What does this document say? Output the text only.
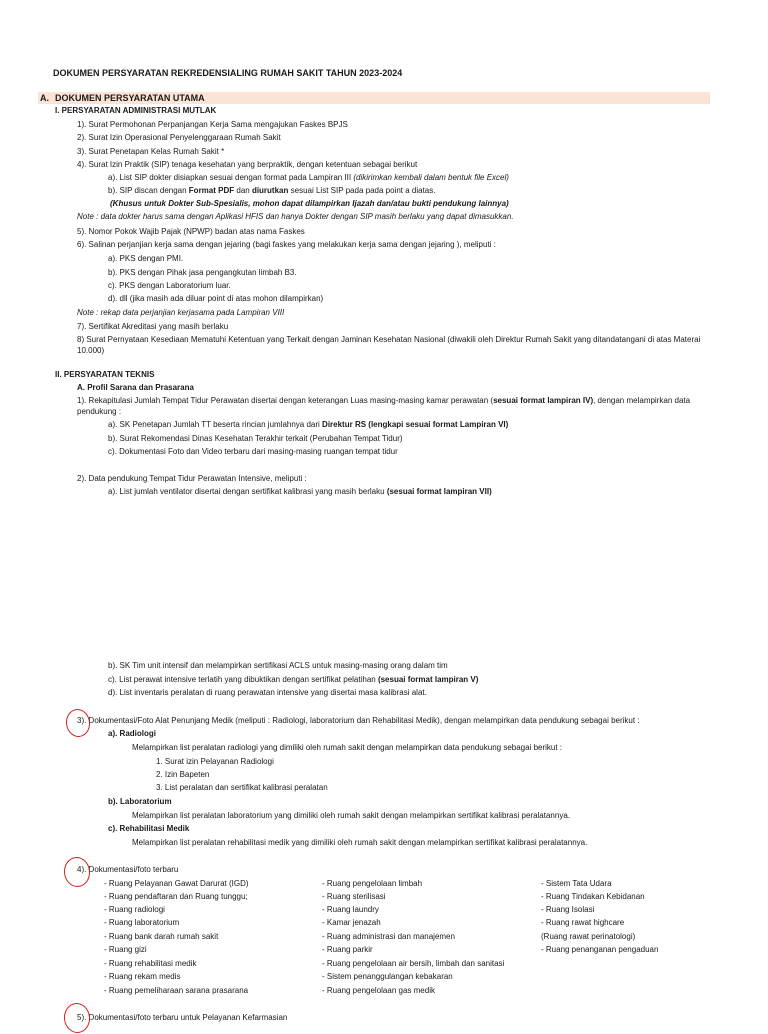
DOKUMEN PERSYARATAN REKREDENSIALING RUMAH SAKIT TAHUN 2023-2024
A. DOKUMEN PERSYARATAN UTAMA
I. PERSYARATAN ADMINISTRASI MUTLAK
1). Surat Permohonan Perpanjangan Kerja Sama mengajukan Faskes BPJS
2). Surat Izin Operasional Penyelenggaraan Rumah Sakit
3). Surat Penetapan Kelas Rumah Sakit *
4). Surat Izin Praktik (SIP) tenaga kesehatan yang berpraktik, dengan ketentuan sebagai berikut
a). List SIP dokter disiapkan sesuai dengan format pada Lampiran III (dikirimkan kembali dalam bentuk file Excel)
b). SIP discan dengan Format PDF dan diurutkan sesuai List SIP pada pada point a diatas.
(Khusus untuk Dokter Sub-Spesialis, mohon dapat dilampirkan Ijazah dan/atau bukti pendukung lainnya)
Note : data dokter harus sama dengan Aplikasi HFIS dan hanya Dokter dengan SIP masih berlaku yang dapat dimasukkan.
5). Nomor Pokok Wajib Pajak (NPWP) badan atas nama Faskes
6). Salinan perjanjian kerja sama dengan jejaring (bagi faskes yang melakukan kerja sama dengan jejaring ), meliputi :
a). PKS dengan PMI.
b). PKS dengan Pihak jasa pengangkutan limbah B3.
c). PKS dengan Laboratorium luar.
d). dll (jika masih ada diluar point di atas mohon dilampirkan)
Note : rekap data perjanjian kerjasama pada Lampiran VIII
7). Sertifikat Akreditasi yang masih berlaku
8) Surat Pernyataan Kesediaan Mematuhi Ketentuan yang Terkait dengan Jaminan Kesehatan Nasional (diwakili oleh Direktur Rumah Sakit yang ditandatangani di atas Materai
10.000)
II. PERSYARATAN TEKNIS
A. Profil Sarana dan Prasarana
1). Rekapitulasi Jumlah Tempat Tidur Perawatan disertai dengan keterangan Luas masing-masing kamar perawatan (sesuai format lampiran IV), dengan melampirkan data
pendukung :
a). SK Penetapan Jumlah TT beserta rincian jumlahnya dari Direktur RS (lengkapi sesuai format Lampiran VI)
b). Surat Rekomendasi Dinas Kesehatan Terakhir terkait (Perubahan Tempat Tidur)
c). Dokumentasi Foto dan Video terbaru dari masing-masing ruangan tempat tidur
2). Data pendukung Tempat Tidur Perawatan Intensive, meliputi :
a). List jumlah ventilator disertai dengan sertifikat kalibrasi yang masih berlaku (sesuai format lampiran VII)
b). SK Tim unit intensif dan melampirkan sertifikasi ACLS untuk masing-masing orang dalam tim
c). List perawat intensive terlatih yang dibuktikan dengan sertifikat pelatihan (sesuai format lampiran V)
d). List inventaris peralatan di ruang perawatan intensive yang disertai masa kalibrasi alat.
3). Dokumentasi/Foto Alat Penunjang Medik (meliputi : Radiologi, laboratorium dan Rehabilitasi Medik), dengan melampirkan data pendukung sebagai berikut :
a). Radiologi
Melampirkan list peralatan radiologi yang dimiliki oleh rumah sakit dengan melampirkan data pendukung sebagai berikut :
1. Surat izin Pelayanan Radiologi
2. Izin Bapeten
3. List peralatan dan sertifikat kalibrasi peralatan
b). Laboratorium
Melampirkan list peralatan laboratorium yang dimiliki oleh rumah sakit dengan melampirkan sertifikat kalibrasi peralatannya.
c). Rehabilitasi Medik
Melampirkan list peralatan rehabilitasi medik yang dimiliki oleh rumah sakit dengan melampirkan sertifikat kalibrasi peralatannya.
4). Dokumentasi/foto terbaru
- Ruang Pelayanan Gawat Darurat (IGD)
- Ruang pendaftaran dan Ruang tunggu;
- Ruang radiologi
- Ruang laboratorium
- Ruang bank darah rumah sakit
- Ruang gizi
- Ruang rehabilitasi medik
- Ruang rekam medis
- Ruang pemeliharaan sarana prasarana
- Ruang pengelolaan limbah
- Ruang sterilisasi
- Ruang laundry
- Kamar jenazah
- Ruang administrasi dan manajemen
- Ruang parkir
- Ruang pengelolaan air bersih, limbah dan sanitasi
- Sistem penanggulangan kebakaran
- Ruang pengelolaan gas medik
- Sistem Tata Udara
- Ruang Tindakan Kebidanan
- Ruang Isolasi
- Ruang rawat highcare
(Ruang rawat perinatologi)
- Ruang penanganan pengaduan
5). Dokumentasi/foto terbaru untuk Pelayanan Kefarmasian
